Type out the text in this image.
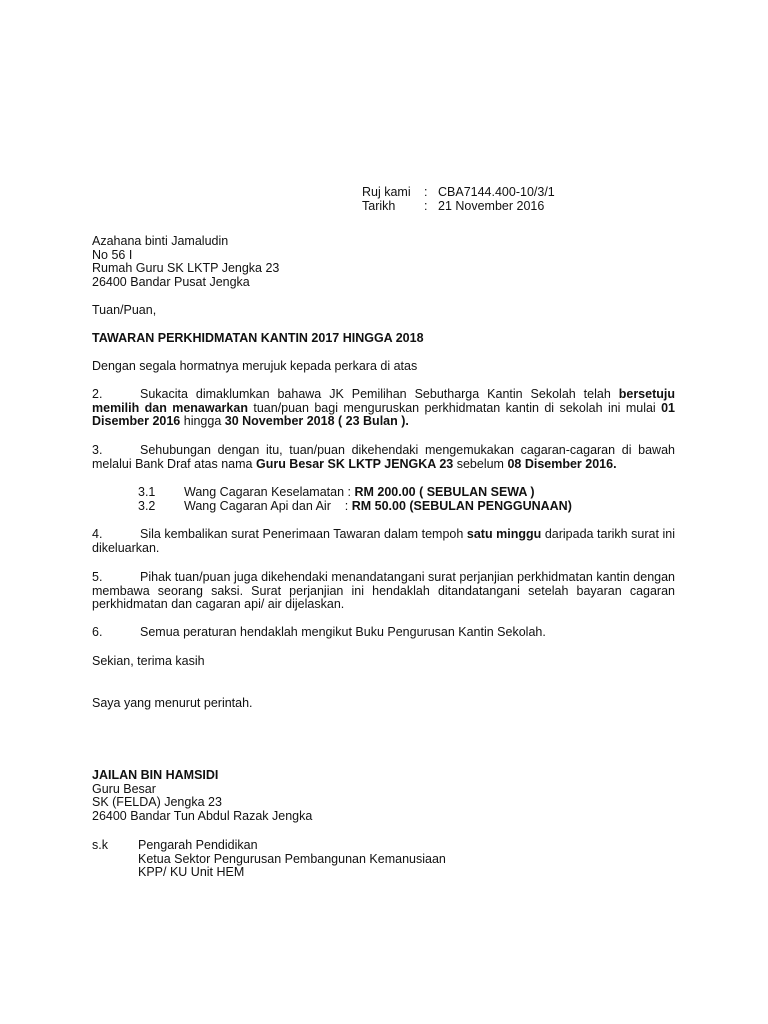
Ruj kami	: CBA7144.400-10/3/1
Tarikh	: 21 November 2016
Azahana binti Jamaludin
No 56 I
Rumah Guru SK LKTP Jengka 23
26400 Bandar Pusat Jengka
Tuan/Puan,
TAWARAN PERKHIDMATAN KANTIN 2017 HINGGA 2018
Dengan segala hormatnya merujuk kepada perkara di atas
2.	Sukacita dimaklumkan bahawa JK Pemilihan Sebutharga Kantin Sekolah telah bersetuju memilih dan menawarkan tuan/puan bagi menguruskan perkhidmatan kantin di sekolah ini mulai 01 Disember 2016 hingga 30 November 2018 ( 23 Bulan ).
3.	Sehubungan dengan itu, tuan/puan dikehendaki mengemukakan cagaran-cagaran di bawah melalui Bank Draf atas nama Guru Besar SK LKTP JENGKA 23 sebelum 08 Disember 2016.
3.1	Wang Cagaran Keselamatan : RM 200.00 ( SEBULAN SEWA )
3.2	Wang Cagaran Api dan Air    : RM 50.00 (SEBULAN PENGGUNAAN)
4.	Sila kembalikan surat Penerimaan Tawaran dalam tempoh satu minggu daripada tarikh surat ini dikeluarkan.
5.	Pihak tuan/puan juga dikehendaki menandatangani surat perjanjian perkhidmatan kantin dengan membawa seorang saksi. Surat perjanjian ini hendaklah ditandatangani setelah bayaran cagaran perkhidmatan dan cagaran api/ air dijelaskan.
6.	Semua peraturan hendaklah mengikut Buku Pengurusan Kantin Sekolah.
Sekian, terima kasih
Saya yang menurut perintah.
JAILAN BIN HAMSIDI
Guru Besar
SK (FELDA) Jengka 23
26400 Bandar Tun Abdul Razak Jengka
s.k	Pengarah Pendidikan
Ketua Sektor Pengurusan Pembangunan Kemanusiaan
KPP/ KU Unit HEM
